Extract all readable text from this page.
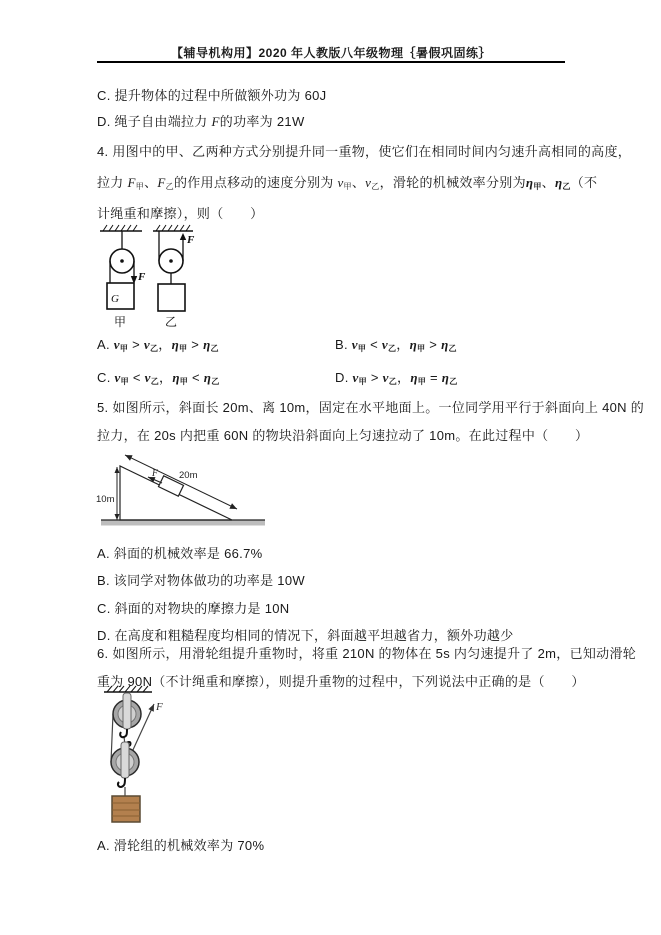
【辅导机构用】2020 年人教版八年级物理｛暑假巩固练｝
C. 提升物体的过程中所做额外功为 60J
D. 绳子自由端拉力 F的功率为 21W
4. 用图中的甲、乙两种方式分别提升同一重物，使它们在相同时间内匀速升高相同的高度，
拉力 F甲、F乙的作用点移动的速度分别为 v甲、v乙，滑轮的机械效率分别为η甲、η乙（不
计绳重和摩擦），则（　　）
F
G
甲
F
乙
A. v甲 > v乙，η甲 > η乙	B. v甲 < v乙，η甲 > η乙
C. v甲 < v乙，η甲 < η乙	D. v甲 > v乙，η甲 = η乙
5. 如图所示，斜面长 20m、离 10m，固定在水平地面上。一位同学用平行于斜面向上 40N 的
拉力，在 20s 内把重 60N 的物块沿斜面向上匀速拉动了 10m。在此过程中（　　）
F
10m
20m
A. 斜面的机械效率是 66.7%
B. 该同学对物体做功的功率是 10W
C. 斜面的对物块的摩擦力是 10N
D. 在高度和粗糙程度均相同的情况下，斜面越平坦越省力，额外功越少
6. 如图所示，用滑轮组提升重物时，将重 210N 的物体在 5s 内匀速提升了 2m，已知动滑轮
重为 90N（不计绳重和摩擦），则提升重物的过程中，下列说法中正确的是（　　）
F
A. 滑轮组的机械效率为 70%
